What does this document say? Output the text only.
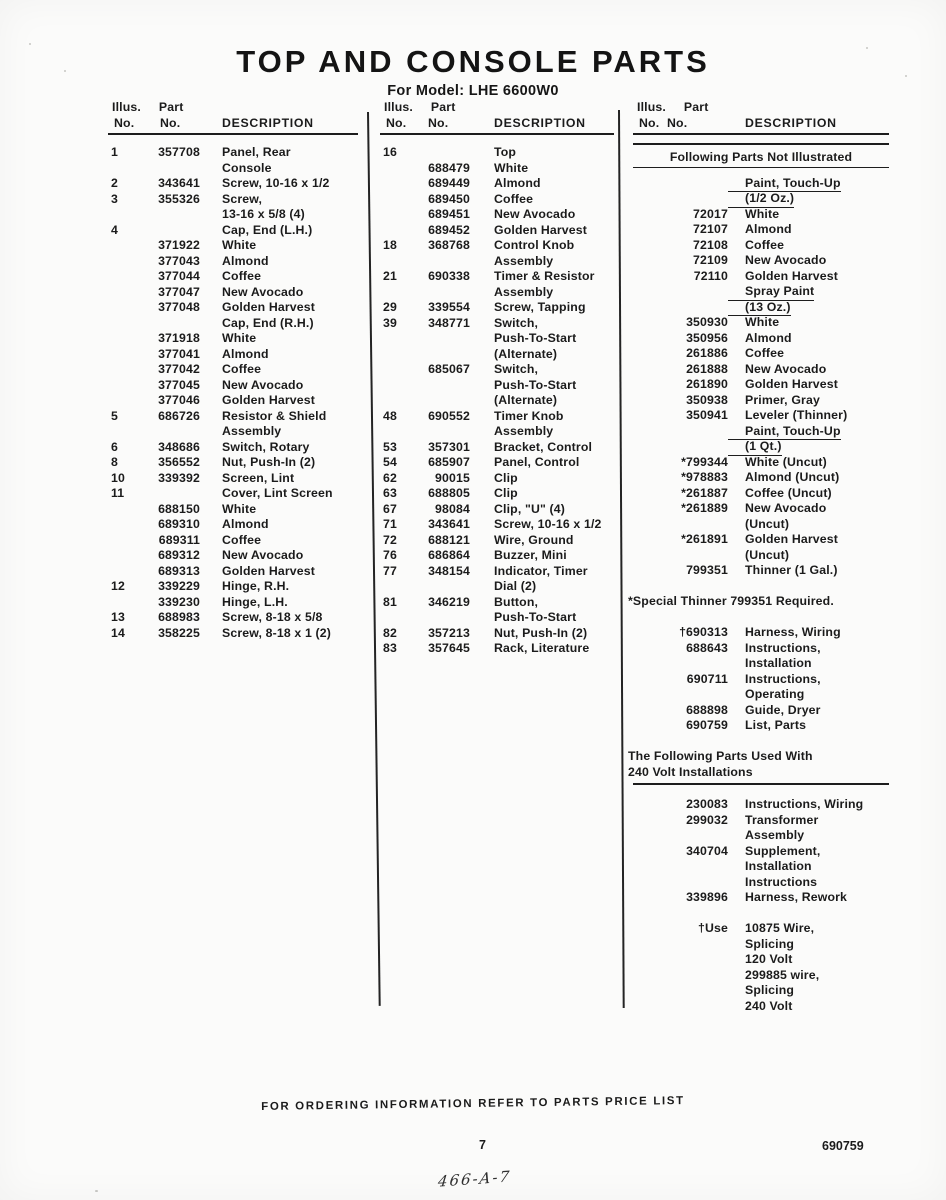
TOP AND CONSOLE PARTS
For Model: LHE 6600W0
Illus. Part
No.	No.	DESCRIPTION
1	357708	Panel, Rear
Console
2	343641	Screw, 10-16 x 1/2
3	355326	Screw,
13-16 x 5/8 (4)
4	Cap, End (L.H.)
371922	White
377043	Almond
377044	Coffee
377047	New Avocado
377048	Golden Harvest
Cap, End (R.H.)
371918	White
377041	Almond
377042	Coffee
377045	New Avocado
377046	Golden Harvest
5	686726	Resistor & Shield
Assembly
6	348686	Switch, Rotary
8	356552	Nut, Push-In (2)
10	339392	Screen, Lint
11	Cover, Lint Screen
688150	White
689310	Almond
689311	Coffee
689312	New Avocado
689313	Golden Harvest
12	339229	Hinge, R.H.
339230	Hinge, L.H.
13	688983	Screw, 8-18 x 5/8
14	358225	Screw, 8-18 x 1 (2)
Illus. Part
No.	No.	DESCRIPTION
16	Top
688479	White
689449	Almond
689450	Coffee
689451	New Avocado
689452	Golden Harvest
18	368768	Control Knob
Assembly
21	690338	Timer & Resistor
Assembly
29	339554	Screw, Tapping
39	348771	Switch,
Push-To-Start
(Alternate)
685067	Switch,
Push-To-Start
(Alternate)
48	690552	Timer Knob
Assembly
53	357301	Bracket, Control
54	685907	Panel, Control
62	90015	Clip
63	688805	Clip
67	98084	Clip, "U" (4)
71	343641	Screw, 10-16 x 1/2
72	688121	Wire, Ground
76	686864	Buzzer, Mini
77	348154	Indicator, Timer
Dial (2)
81	346219	Button,
Push-To-Start
82	357213	Nut, Push-In (2)
83	357645	Rack, Literature
Illus. Part
No. No.	DESCRIPTION
Following Parts Not Illustrated
Paint, Touch-Up
(1/2 Oz.)
72017	White
72107	Almond
72108	Coffee
72109	New Avocado
72110	Golden Harvest
Spray Paint
(13 Oz.)
350930	White
350956	Almond
261886	Coffee
261888	New Avocado
261890	Golden Harvest
350938	Primer, Gray
350941	Leveler (Thinner)
Paint, Touch-Up
(1 Qt.)
*799344	White (Uncut)
*978883	Almond (Uncut)
*261887	Coffee (Uncut)
*261889	New Avocado
(Uncut)
*261891	Golden Harvest
(Uncut)
799351	Thinner (1 Gal.)
*Special Thinner 799351 Required.
†690313	Harness, Wiring
688643	Instructions,
Installation
690711	Instructions,
Operating
688898	Guide, Dryer
690759	List, Parts
The Following Parts Used With
240 Volt Installations
230083	Instructions, Wiring
299032	Transformer
Assembly
340704	Supplement,
Installation
Instructions
339896	Harness, Rework
†Use	10875 Wire,
Splicing
120 Volt
299885 wire,
Splicing
240 Volt
FOR ORDERING INFORMATION REFER TO PARTS PRICE LIST
7	690759
466-A-7
